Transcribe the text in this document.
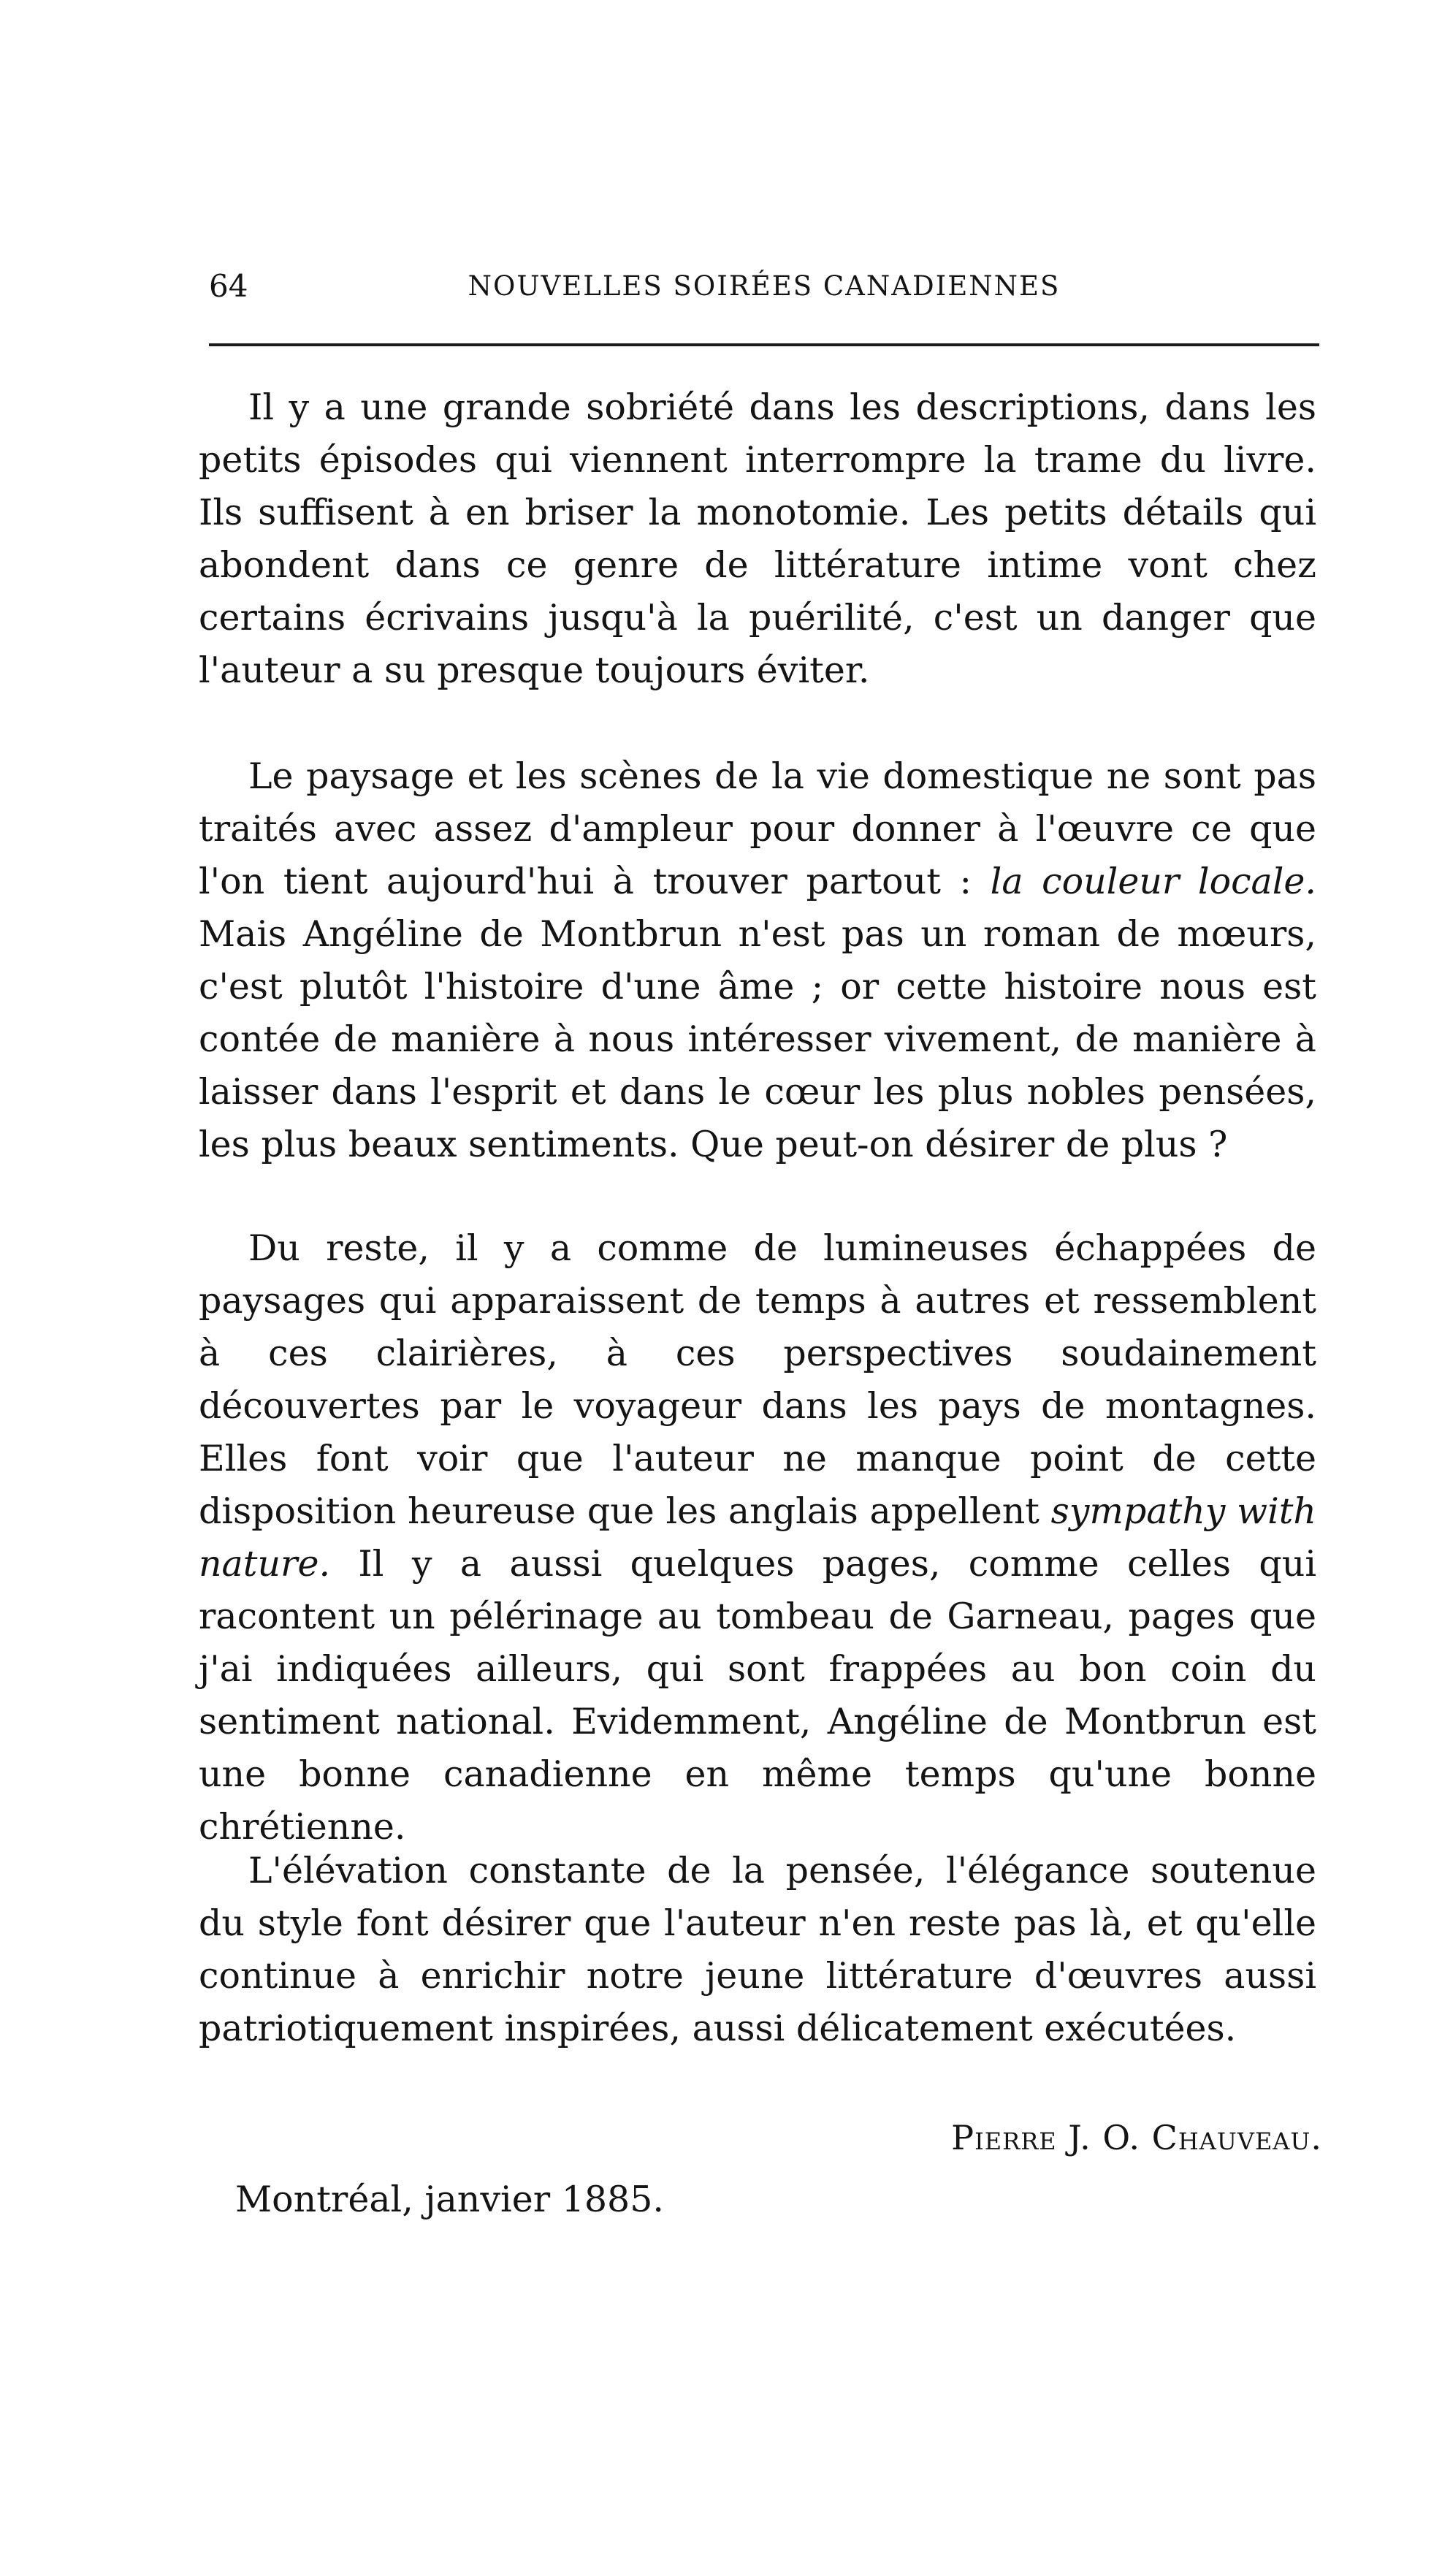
64	NOUVELLES SOIRÉES CANADIENNES

Il y a une grande sobriété dans les descriptions, dans les petits épisodes qui viennent interrompre la trame du livre. Ils suffisent à en briser la monotomie. Les petits détails qui abondent dans ce genre de littérature intime vont chez certains écrivains jusqu'à la puérilité, c'est un danger que l'auteur a su presque toujours éviter.

Le paysage et les scènes de la vie domestique ne sont pas traités avec assez d'ampleur pour donner à l'œuvre ce que l'on tient aujourd'hui à trouver partout : la couleur locale. Mais Angéline de Montbrun n'est pas un roman de mœurs, c'est plutôt l'histoire d'une âme ; or cette histoire nous est contée de manière à nous intéresser vivement, de manière à laisser dans l'esprit et dans le cœur les plus nobles pensées, les plus beaux sentiments. Que peut-on désirer de plus ?

Du reste, il y a comme de lumineuses échappées de paysages qui apparaissent de temps à autres et ressemblent à ces clairières, à ces perspectives soudainement découvertes par le voyageur dans les pays de montagnes. Elles font voir que l'auteur ne manque point de cette disposition heureuse que les anglais appellent sympathy with nature. Il y a aussi quelques pages, comme celles qui racontent un pélérinage au tombeau de Garneau, pages que j'ai indiquées ailleurs, qui sont frappées au bon coin du sentiment national. Evidemment, Angéline de Montbrun est une bonne canadienne en même temps qu'une bonne chrétienne.

L'élévation constante de la pensée, l'élégance soutenue du style font désirer que l'auteur n'en reste pas là, et qu'elle continue à enrichir notre jeune littérature d'œuvres aussi patriotiquement inspirées, aussi délicatement exécutées.

Pierre J. O. Chauveau.
Montréal, janvier 1885.
